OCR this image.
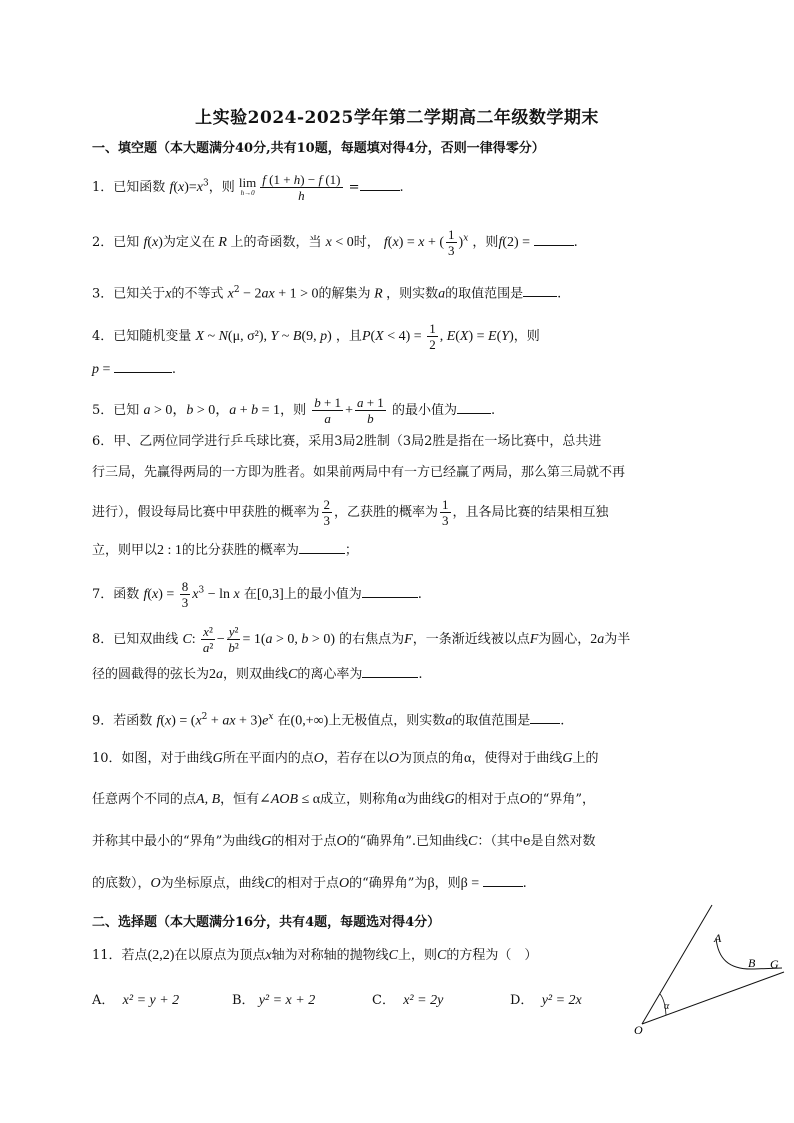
上实验2024-2025学年第二学期高二年级数学期末
一、填空题（本大题满分40分,共有10题，每题填对得4分，否则一律得零分）
1．已知函数 $f(x)=x^3$，则 lim
$h\to 0 \frac{f (1 + h) - f (1)}{h}$ =	.
2．已知 f(x)为定义在 R 上的奇函数，当 x < 0时， f(x) = x + ( $\frac{1}{3} )^x$ ，则f(2) =	.
3．已知关于x的不等式 $x^2 - 2ax + 1 > 0$的解集为 R ，则实数a的取值范围是	.
4．已知随机变量 X ~ N(μ, σ²), Y ~ B(9, p) ，且$P(X < 4) = \frac{1}{2}$ , E(X) = E(Y)，则
p =	.
5．已知 a > 0，b > 0，a + b = 1，则 $\frac{b + 1}{a} + \frac{a + 1}{b}$ 的最小值为	.
6．甲、乙两位同学进行乒乓球比赛，采用3局2胜制（3局2胜是指在一场比赛中，总共进
行三局，先赢得两局的一方即为胜者。如果前两局中有一方已经赢了两局，那么第三局就不再
进行），假设每局比赛中甲获胜的概率为 $\frac{2}{3}$ ，乙获胜的概率为 $\frac{1}{3}$ ，且各局比赛的结果相互独
立，则甲以2 : 1的比分获胜的概率为	；
7．函数 $f(x) = \frac{8}{3} x^3 - \ln x$ 在[0,3]上的最小值为	.
8．已知双曲线 C: $\frac{\text{x²}}{\text{a²}} - \frac{\text{y²}}{\text{b²}} = 1(a > 0$, b > 0) 的右焦点为F，一条渐近线被以点F为圆心，2a为半
径的圆截得的弦长为2a，则双曲线C的离心率为	.
9．若函数 $f(x) = (x^2$ + ax + $3)e^x$ 在(0,+∞)上无极值点，则实数a的取值范围是 .
10．如图，对于曲线G所在平面内的点O，若存在以O为顶点的角α，使得对于曲线G上的
任意两个不同的点A, B，恒有∠AOB ≤ α成立，则称角α为曲线G的相对于点O的“界角”，
并称其中最小的“界角”为曲线G的相对于点O的“确界角”.已知曲线C：（其中e是自然对数
的底数），O为坐标原点，曲线C的相对于点O的“确界角”为β，则β =	.
二、选择题（本大题满分16分，共有4题，每题选对得4分）
11．若点(2,2)在以原点为顶点x轴为对称轴的抛物线C上，则C的方程为（　）
A． x² = y + 2	B． y² = x + 2	C． x² = 2y	D． y² = 2x
A
B G
O
α
